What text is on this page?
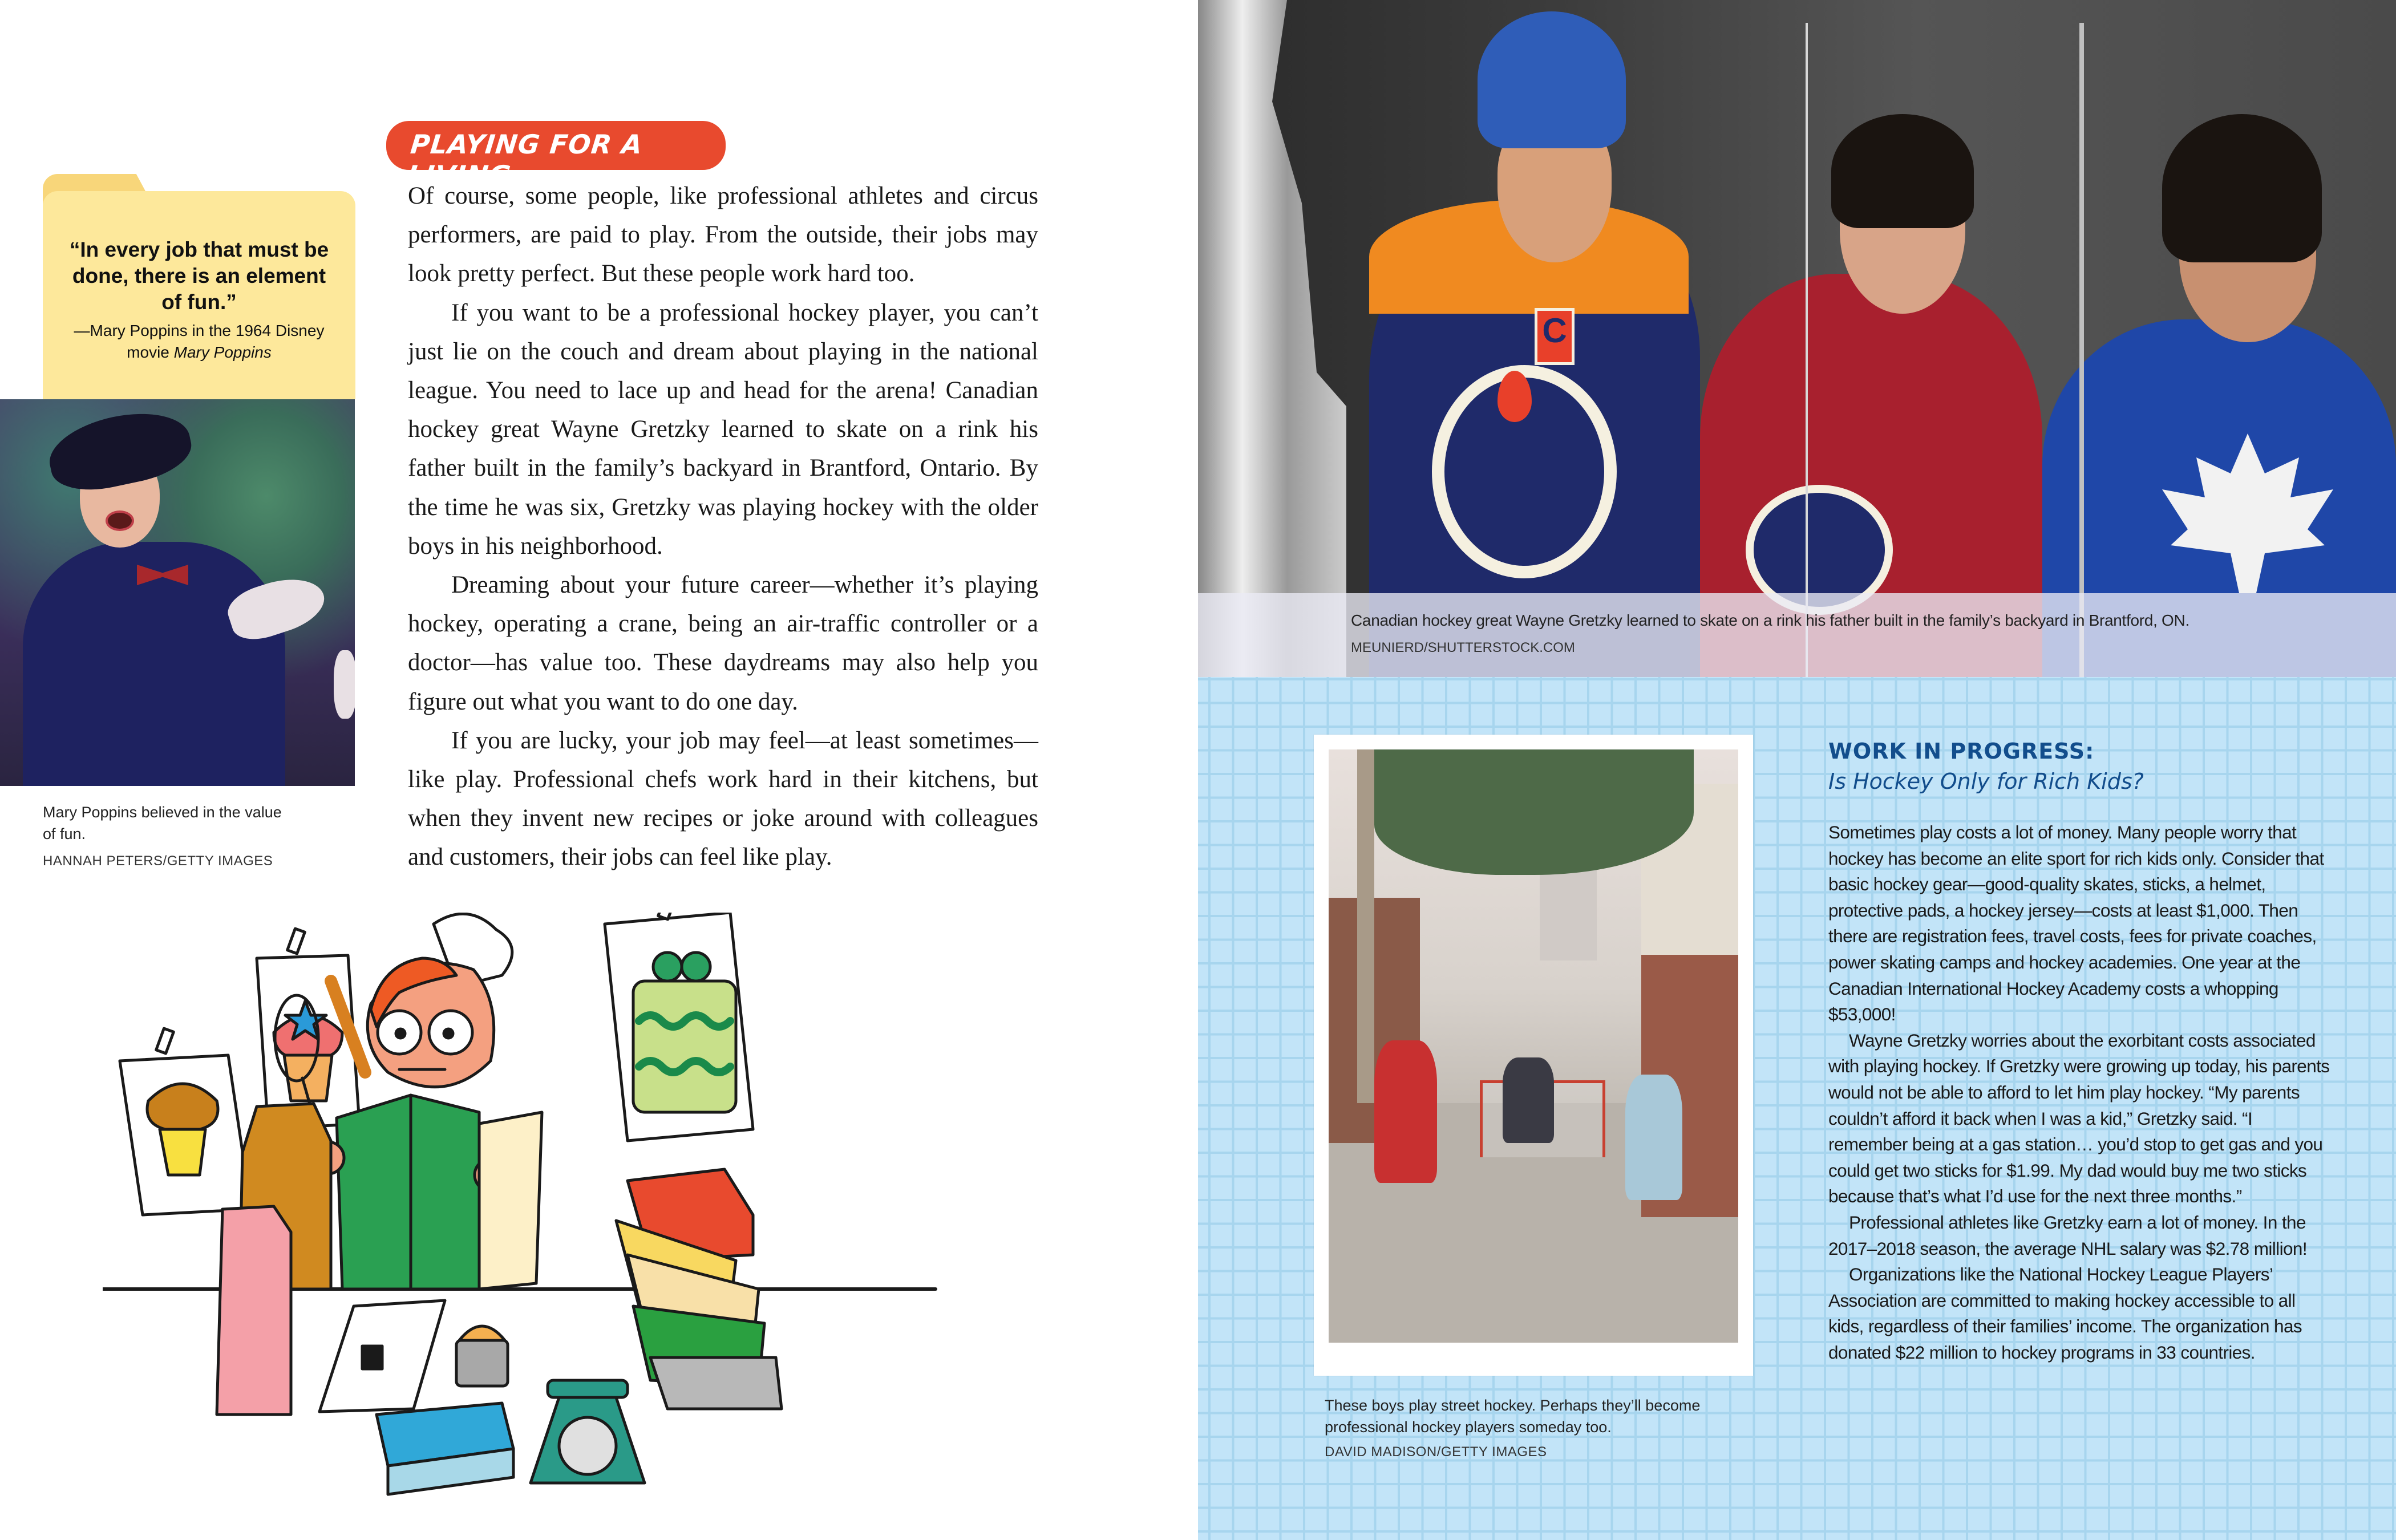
“In every job that must be done, there is an element of fun.”
—Mary Poppins in the 1964 Disney movie Mary Poppins
Mary Poppins believed in the value of fun.
HANNAH PETERS/GETTY IMAGES
PLAYING FOR A LIVING

Of course, some people, like professional athletes and circus performers, are paid to play. From the outside, their jobs may look pretty perfect. But these people work hard too.

If you want to be a professional hockey player, you can’t just lie on the couch and dream about playing in the national league. You need to lace up and head for the arena! Canadian hockey great Wayne Gretzky learned to skate on a rink his father built in the family’s backyard in Brantford, Ontario. By the time he was six, Gretzky was playing hockey with the older boys in his neighborhood.

Dreaming about your future career—whether it’s playing hockey, operating a crane, being an air-traffic controller or a doctor—has value too. These daydreams may also help you figure out what you want to do one day.

If you are lucky, your job may feel—at least sometimes—like play. Professional chefs work hard in their kitchens, but when they invent new recipes or joke around with colleagues and customers, their jobs can feel like play.

C
Canadian hockey great Wayne Gretzky learned to skate on a rink his father built in the family’s backyard in Brantford, ON.
MEUNIERD/SHUTTERSTOCK.COM
These boys play street hockey. Perhaps they’ll become professional hockey players someday too.
DAVID MADISON/GETTY IMAGES
WORK IN PROGRESS:
Is Hockey Only for Rich Kids?

Sometimes play costs a lot of money. Many people worry that hockey has become an elite sport for rich kids only. Consider that basic hockey gear—good-quality skates, sticks, a helmet, protective pads, a hockey jersey—costs at least $1,000. Then there are registration fees, travel costs, fees for private coaches, power skating camps and hockey academies. One year at the Canadian International Hockey Academy costs a whopping $53,000!

Wayne Gretzky worries about the exorbitant costs associated with playing hockey. If Gretzky were growing up today, his parents would not be able to afford to let him play hockey. “My parents couldn’t afford it back when I was a kid,” Gretzky said. “I remember being at a gas station… you’d stop to get gas and you could get two sticks for $1.99. My dad would buy me two sticks because that’s what I’d use for the next three months.”

Professional athletes like Gretzky earn a lot of money. In the 2017–2018 season, the average NHL salary was $2.78 million!

Organizations like the National Hockey League Players’ Association are committed to making hockey accessible to all kids, regardless of their families’ income. The organization has donated $22 million to hockey programs in 33 countries.
